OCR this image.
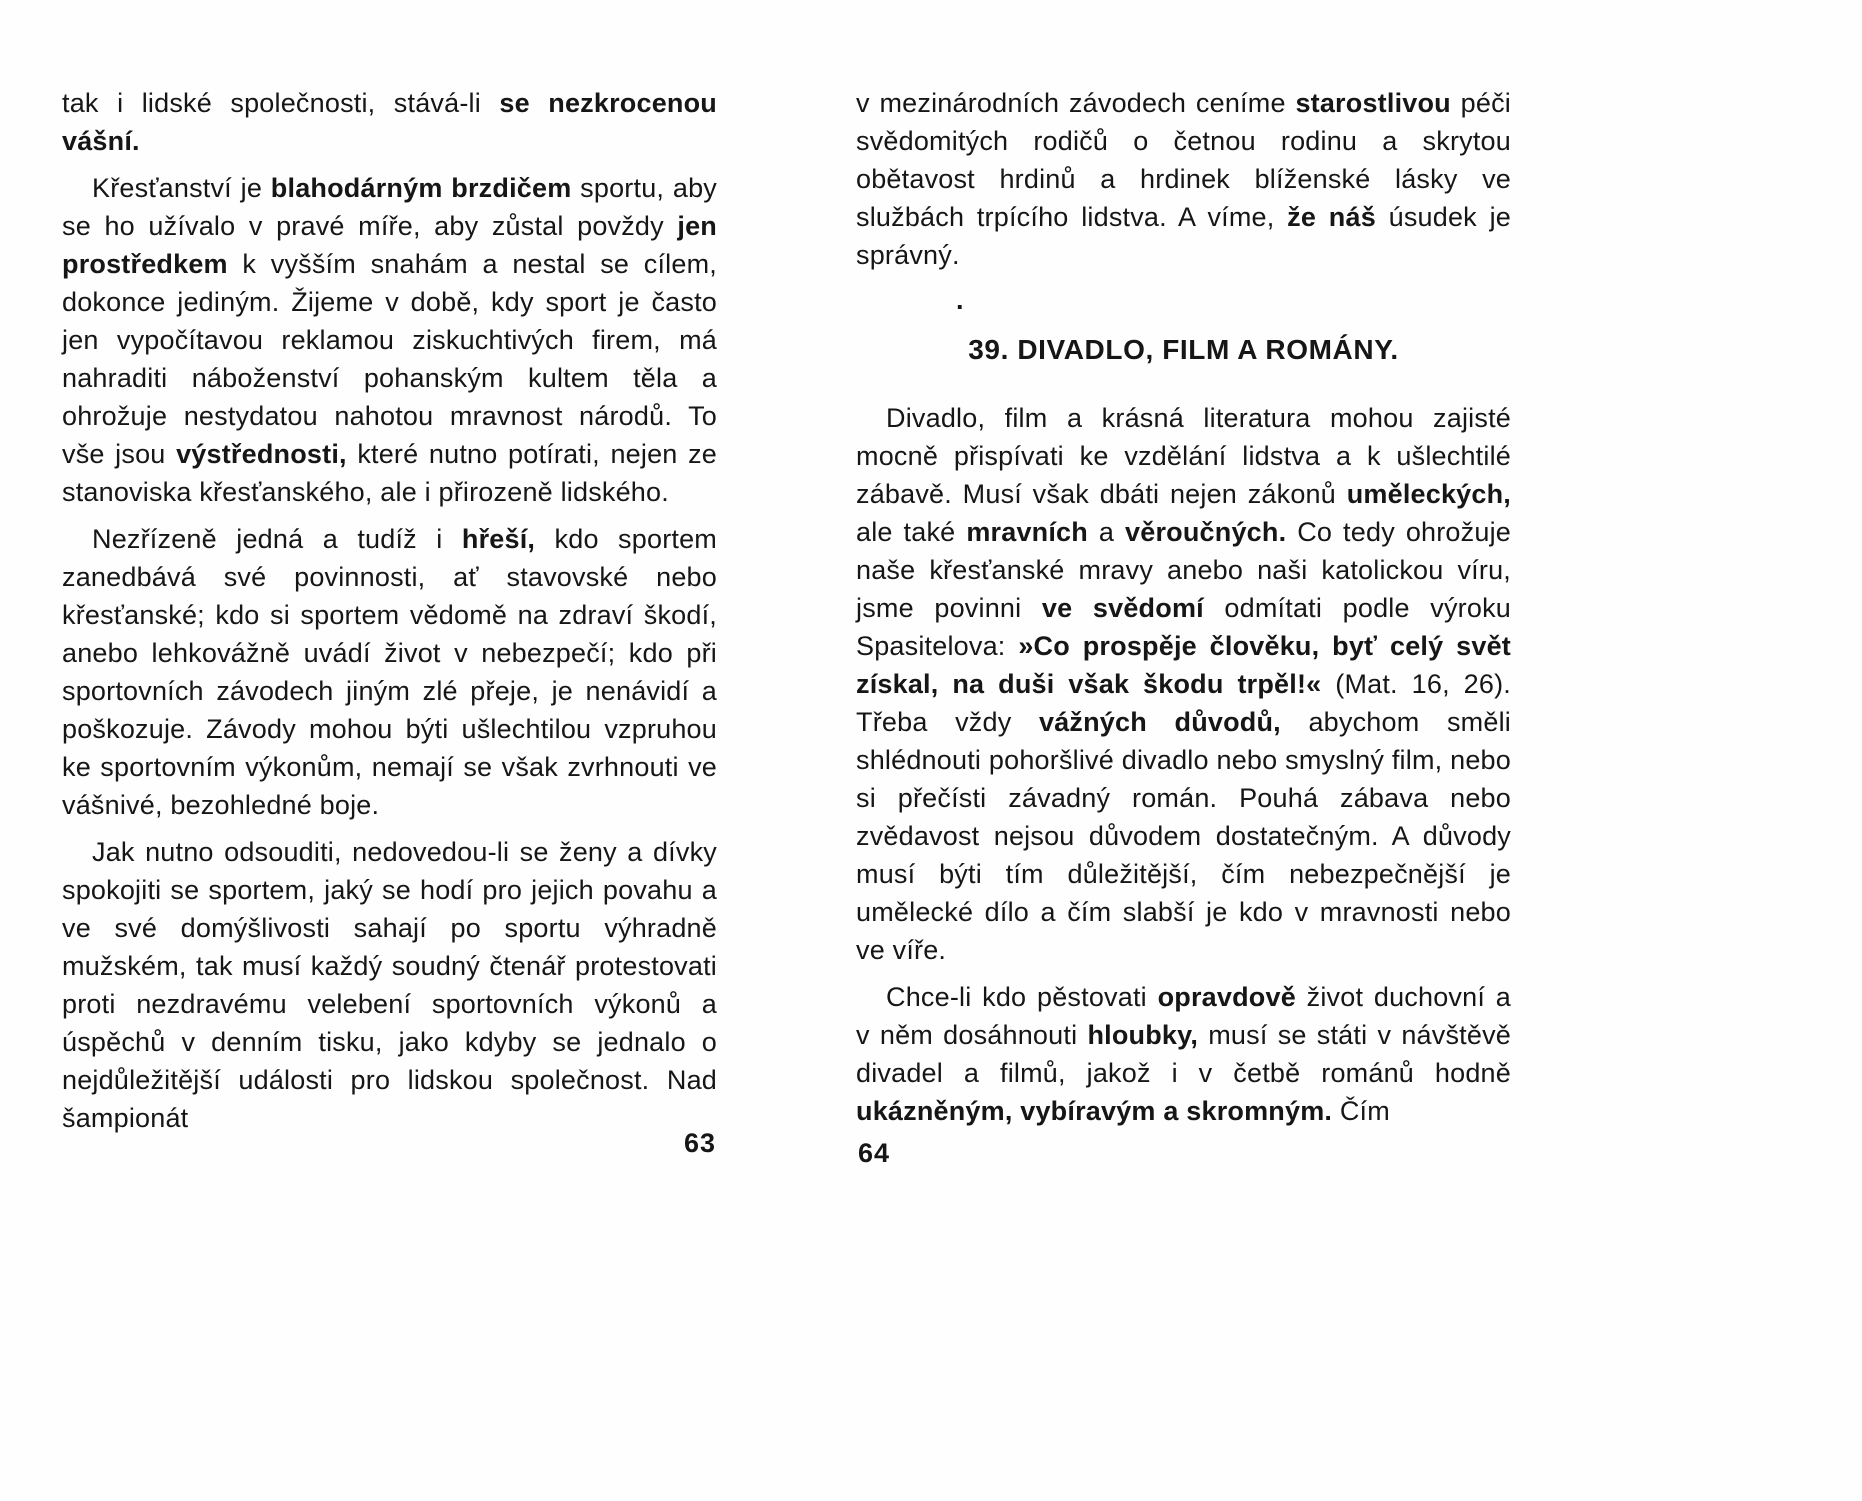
tak i lidské společnosti, stává-li se nezkrocenou vášní.

Křesťanství je blahodárným brzdičem sportu, aby se ho užívalo v pravé míře, aby zůstal povždy jen prostředkem k vyšším snahám a nestal se cílem, dokonce jediným. Žijeme v době, kdy sport je často jen vypočítavou reklamou ziskuchtivých firem, má nahraditi náboženství pohanským kultem těla a ohrožuje nestydatou nahotou mravnost národů. To vše jsou výstřednosti, které nutno potírati, nejen ze stanoviska křesťanského, ale i přirozeně lidského.

Nezřízeně jedná a tudíž i hřeší, kdo sportem zanedbává své povinnosti, ať stavovské nebo křesťanské; kdo si sportem vědomě na zdraví škodí, anebo lehkovážně uvádí život v nebezpečí; kdo při sportovních závodech jiným zlé přeje, je nenávidí a poškozuje. Závody mohou býti ušlechtilou vzpruhou ke sportovním výkonům, nemají se však zvrhnouti ve vášnivé, bezohledné boje.

Jak nutno odsouditi, nedovedou-li se ženy a dívky spokojiti se sportem, jaký se hodí pro jejich povahu a ve své domýšlivosti sahají po sportu výhradně mužském, tak musí každý soudný čtenář protestovati proti nezdravému velebení sportovních výkonů a úspěchů v denním tisku, jako kdyby se jednalo o nejdůležitější události pro lidskou společnost. Nad šampionát

v mezinárodních závodech ceníme starostlivou péči svědomitých rodičů o četnou rodinu a skrytou obětavost hrdinů a hrdinek blíženské lásky ve službách trpícího lidstva. A víme, že náš úsudek je správný.

.
39. DIVADLO, FILM A ROMÁNY.

Divadlo, film a krásná literatura mohou zajisté mocně přispívati ke vzdělání lidstva a k ušlechtilé zábavě. Musí však dbáti nejen zákonů uměleckých, ale také mravních a věroučných. Co tedy ohrožuje naše křesťanské mravy anebo naši katolickou víru, jsme povinni ve svědomí odmítati podle výroku Spasitelova: »Co prospěje člověku, byť celý svět získal, na duši však škodu trpěl!« (Mat. 16, 26). Třeba vždy vážných důvodů, abychom směli shlédnouti pohoršlivé divadlo nebo smyslný film, nebo si přečísti závadný román. Pouhá zábava nebo zvědavost nejsou důvodem dostatečným. A důvody musí býti tím důležitější, čím nebezpečnější je umělecké dílo a čím slabší je kdo v mravnosti nebo ve víře.

Chce-li kdo pěstovati opravdově život duchovní a v něm dosáhnouti hloubky, musí se státi v návštěvě divadel a filmů, jakož i v četbě románů hodně ukázněným, vybíravým a skromným. Čím

63	64
